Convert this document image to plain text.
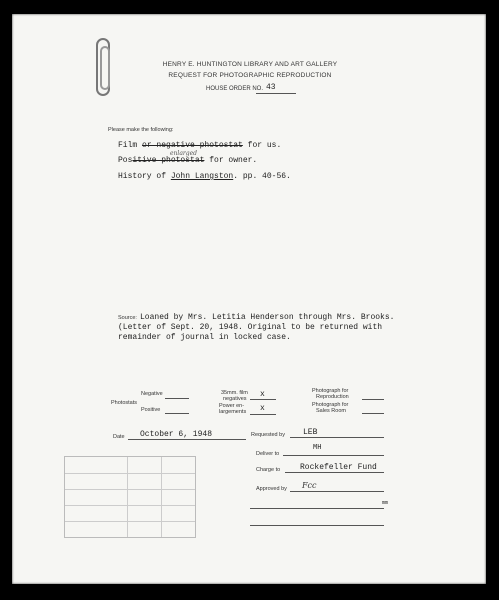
HENRY E. HUNTINGTON LIBRARY AND ART GALLERY
REQUEST FOR PHOTOGRAPHIC REPRODUCTION
HOUSE ORDER NO. 43
Please make the following:
Film or negative photostat for us.
enlarged
Positive photostat for owner.
History of John Langston. pp. 40-56.
Source: Loaned by Mrs. Letitia Henderson through Mrs. Brooks.
(Letter of Sept. 20, 1948. Original to be returned with
remainder of journal in locked case.
Photostats
Negative
Positive
35mm. film
negatives x
Power en-
largements x
Photograph for
Reproduction
Photograph for
Sales Room
Date October 6, 1948	Requested by LEB
Deliver to
MH
Charge to Rockefeller Fund
Approved by Fcc
mm
